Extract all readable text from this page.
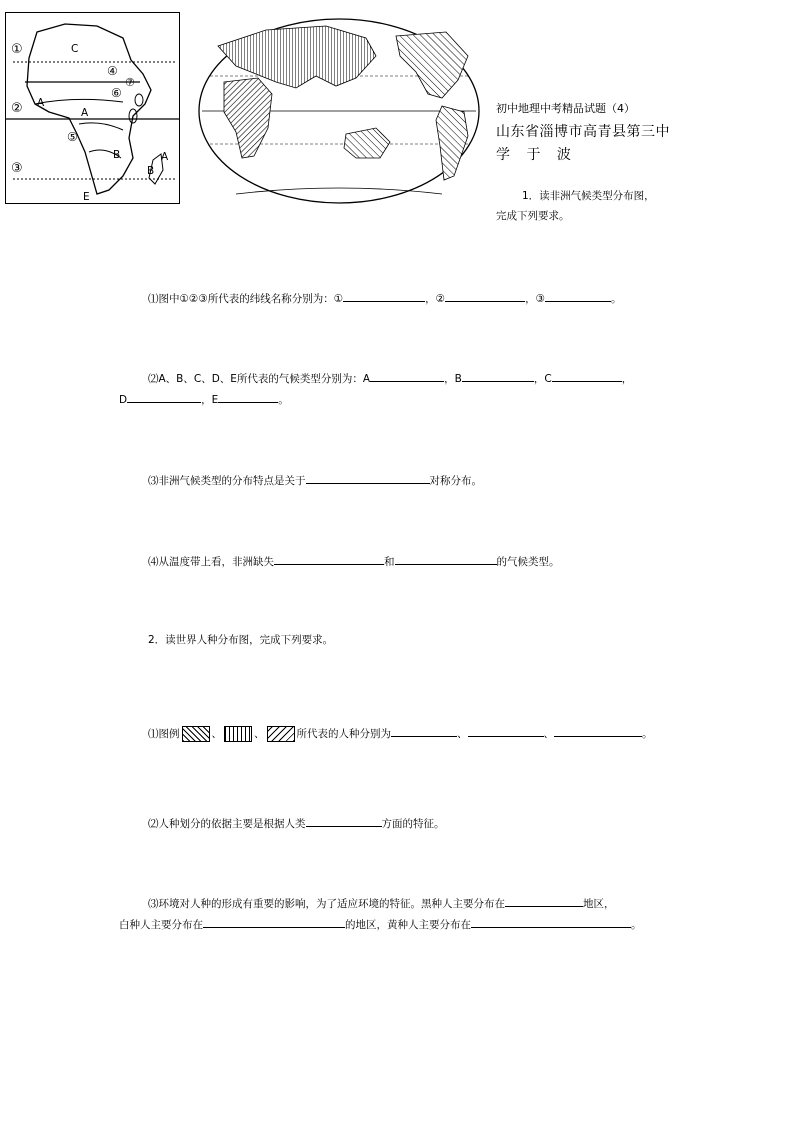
①
②
③
④
⑤
⑥
⑦
C
A
A
B	A
B
E
初中地理中考精品试题（4）
山东省淄博市高青县第三中
学 于 波
1．读非洲气候类型分布图，
完成下列要求。
⑴图中①②③所代表的纬线名称分别为：①	，②	，③	。
⑵A、B、C、D、E所代表的气候类型分别为：A	，B	，C	，
D	，E	。
⑶非洲气候类型的分布特点是关于	对称分布。
⑷从温度带上看，非洲缺失	和	的气候类型。
2．读世界人种分布图，完成下列要求。
⑴图例	、	、	所代表的人种分别为	、	、	。
⑵人种划分的依据主要是根据人类	方面的特征。
⑶环境对人种的形成有重要的影响，为了适应环境的特征。黑种人主要分布在	地区，
白种人主要分布在	的地区，黄种人主要分布在	。
